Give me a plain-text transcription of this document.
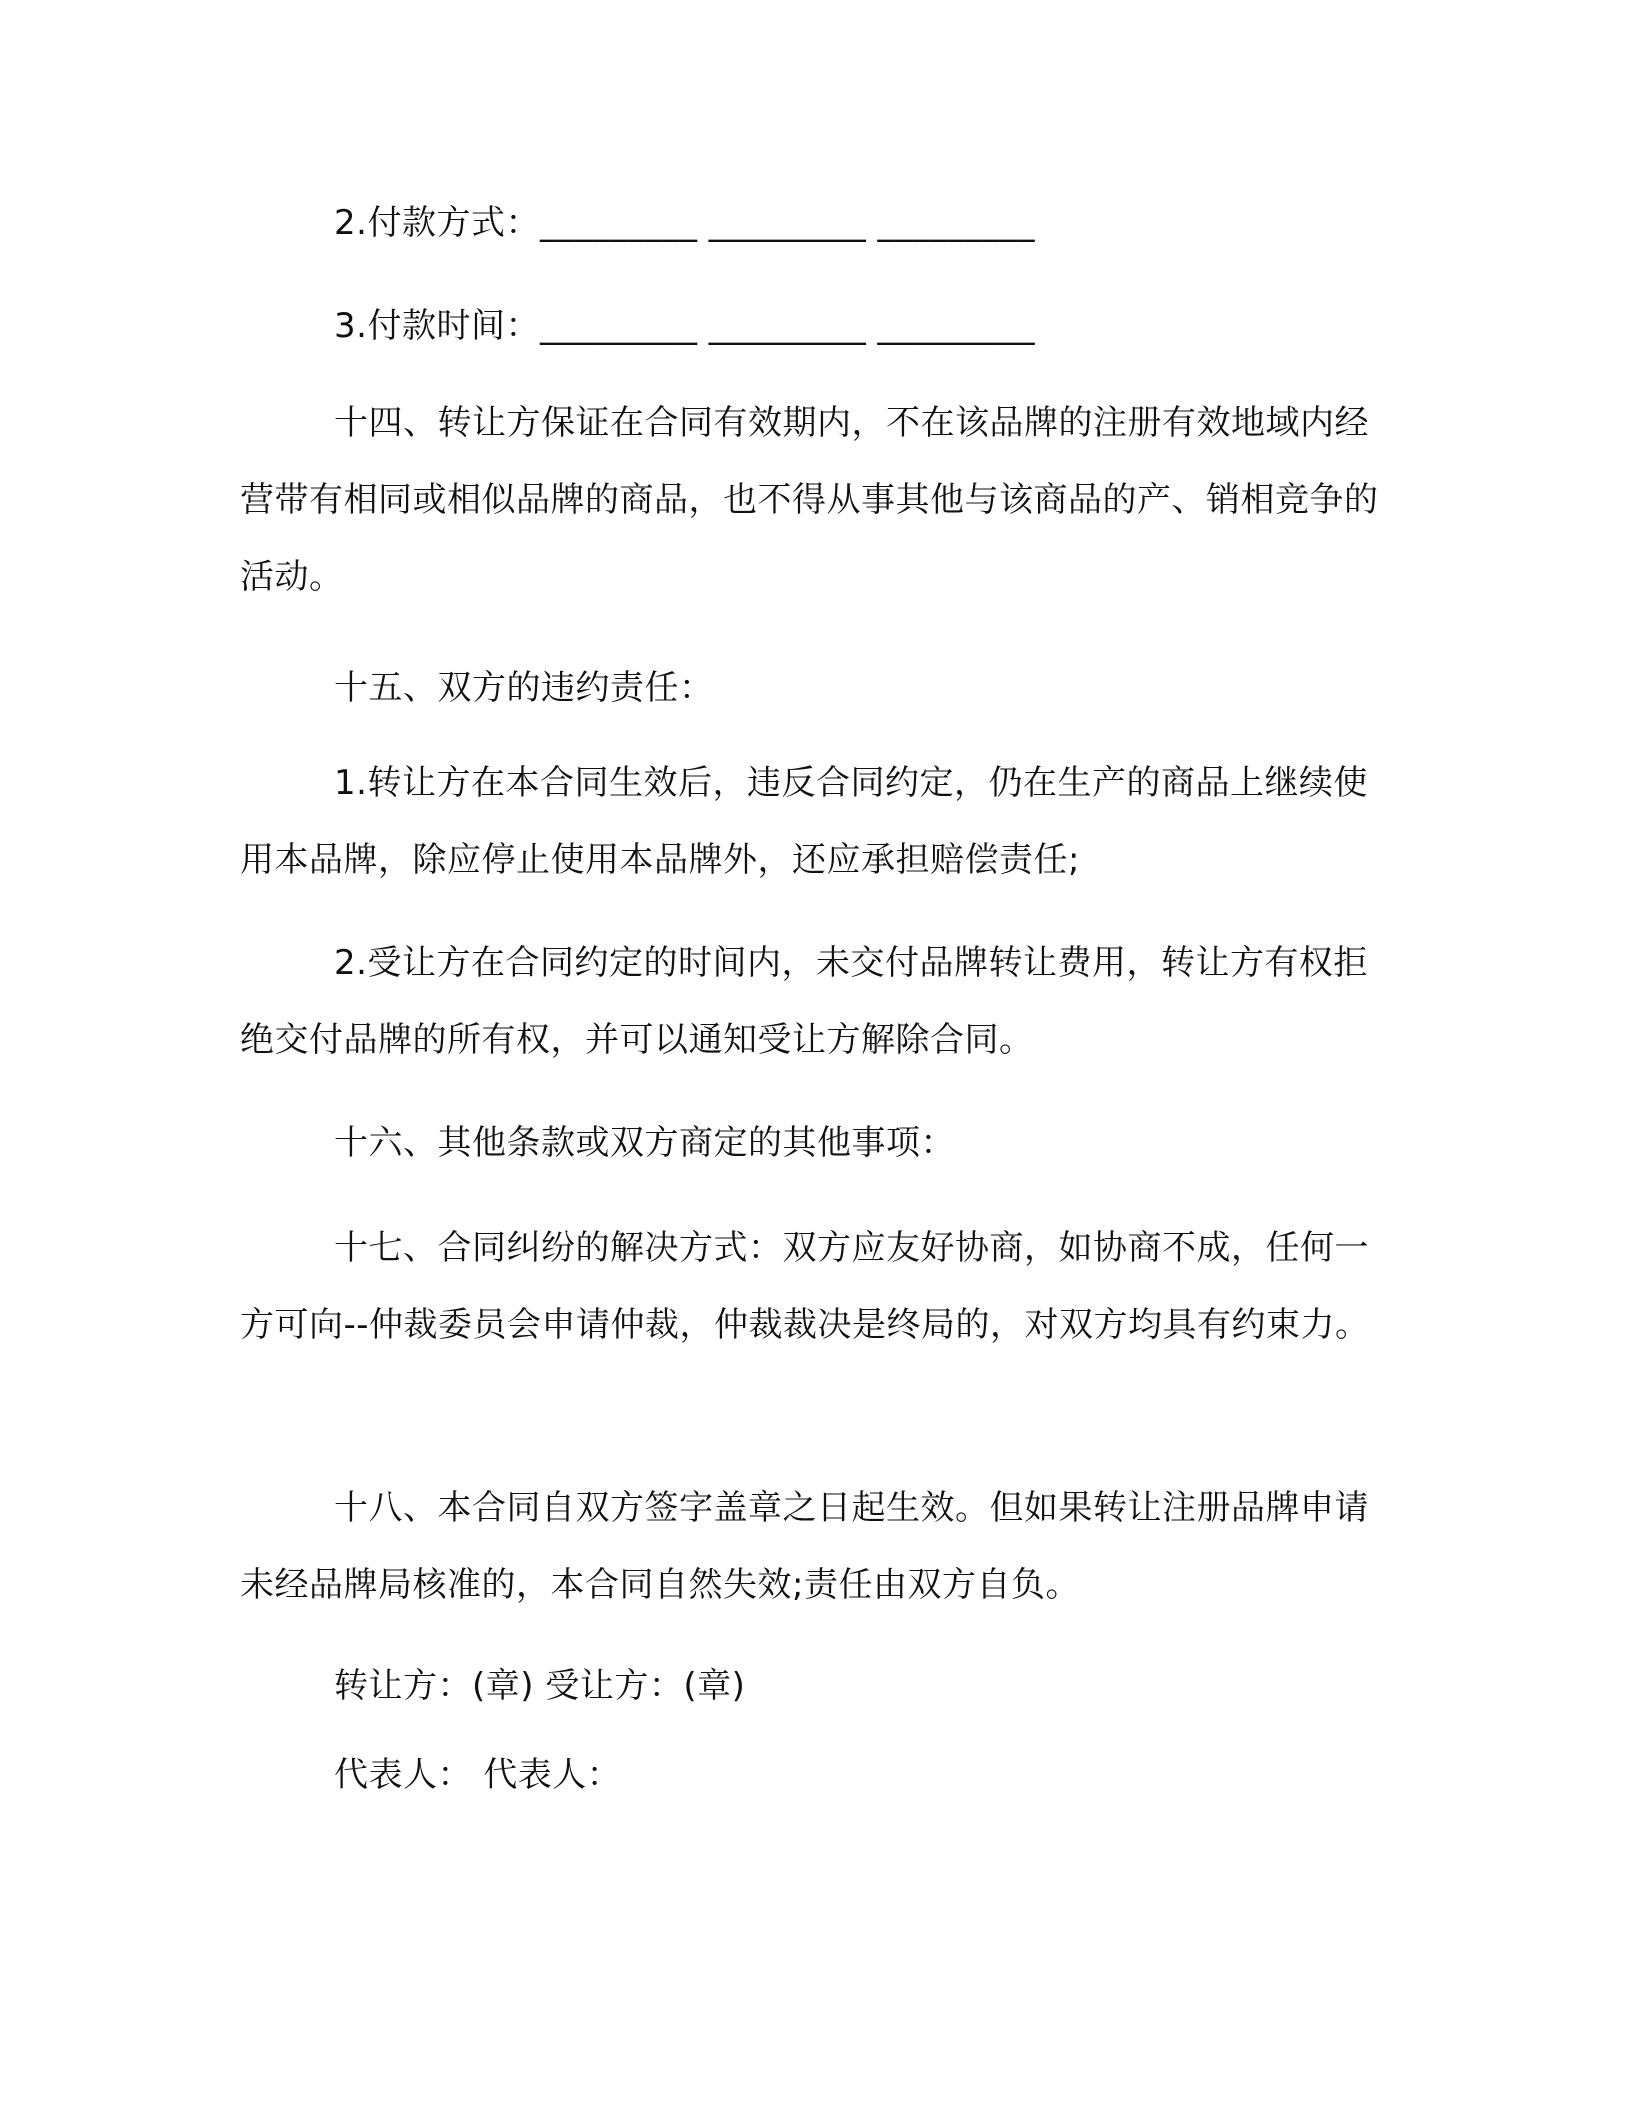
2.付款方式：_________ _________ _________

3.付款时间：_________ _________ _________

十四、转让方保证在合同有效期内，不在该品牌的注册有效地域内经营带有相同或相似品牌的商品，也不得从事其他与该商品的产、销相竞争的活动。

十五、双方的违约责任：

1.转让方在本合同生效后，违反合同约定，仍在生产的商品上继续使用本品牌，除应停止使用本品牌外，还应承担赔偿责任;

2.受让方在合同约定的时间内，未交付品牌转让费用，转让方有权拒绝交付品牌的所有权，并可以通知受让方解除合同。

十六、其他条款或双方商定的其他事项：

十七、合同纠纷的解决方式：双方应友好协商，如协商不成，任何一方可向--仲裁委员会申请仲裁，仲裁裁决是终局的，对双方均具有约束力。

十八、本合同自双方签字盖章之日起生效。但如果转让注册品牌申请未经品牌局核准的，本合同自然失效;责任由双方自负。

转让方：(章) 受让方：(章)

代表人： 代表人：
